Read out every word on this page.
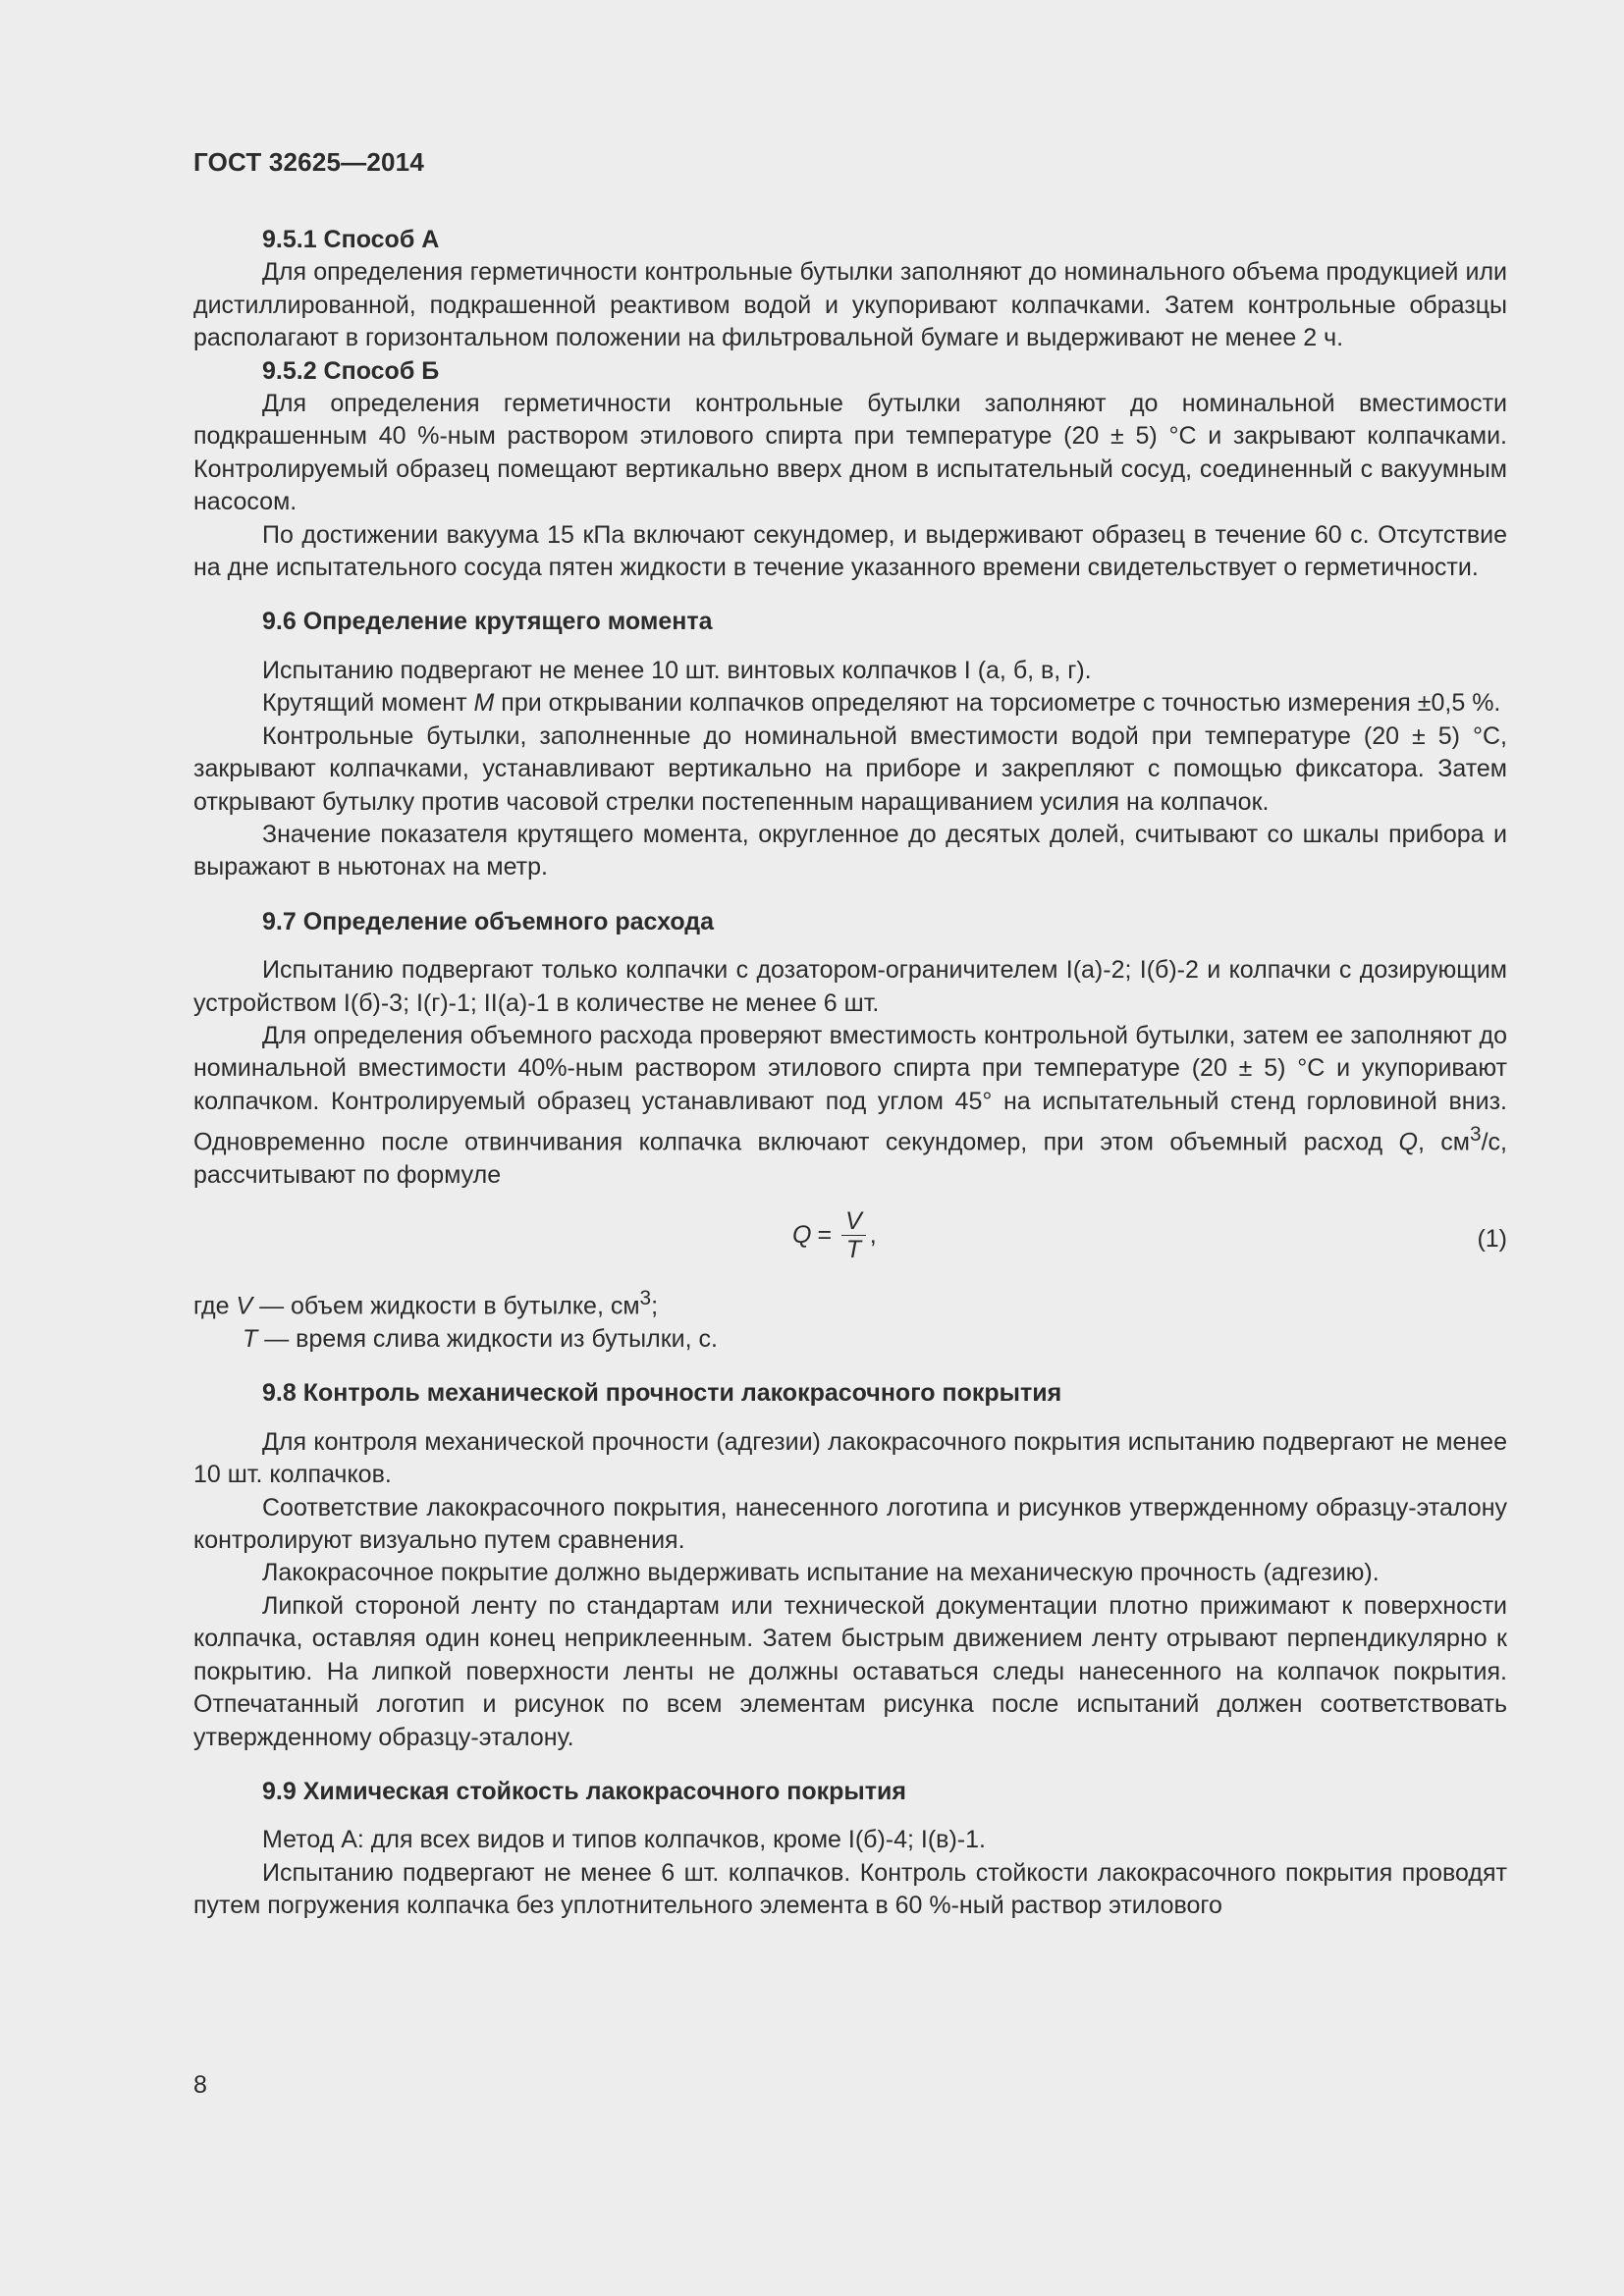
ГОСТ 32625—2014

9.5.1 Способ А

Для определения герметичности контрольные бутылки заполняют до номинального объема продукцией или дистиллированной, подкрашенной реактивом водой и укупоривают колпачками. Затем контрольные образцы располагают в горизонтальном положении на фильтровальной бумаге и выдерживают не менее 2 ч.

9.5.2 Способ Б

Для определения герметичности контрольные бутылки заполняют до номинальной вместимости подкрашенным 40 %-ным раствором этилового спирта при температуре (20 ± 5) °С и закрывают колпачками. Контролируемый образец помещают вертикально вверх дном в испытательный сосуд, соединенный с вакуумным насосом.

По достижении вакуума 15 кПа включают секундомер, и выдерживают образец в течение 60 с. Отсутствие на дне испытательного сосуда пятен жидкости в течение указанного времени свидетельствует о герметичности.

9.6 Определение крутящего момента

Испытанию подвергают не менее 10 шт. винтовых колпачков I (а, б, в, г).

Крутящий момент М при открывании колпачков определяют на торсиометре с точностью измерения ±0,5 %.

Контрольные бутылки, заполненные до номинальной вместимости водой при температуре (20 ± 5) °С, закрывают колпачками, устанавливают вертикально на приборе и закрепляют с помощью фиксатора. Затем открывают бутылку против часовой стрелки постепенным наращиванием усилия на колпачок.

Значение показателя крутящего момента, округленное до десятых долей, считывают со шкалы прибора и выражают в ньютонах на метр.

9.7 Определение объемного расхода

Испытанию подвергают только колпачки с дозатором-ограничителем I(а)-2; I(б)-2 и колпачки с дозирующим устройством I(б)-3; I(г)-1; II(а)-1 в количестве не менее 6 шт.

Для определения объемного расхода проверяют вместимость контрольной бутылки, затем ее заполняют до номинальной вместимости 40%-ным раствором этилового спирта при температуре (20 ± 5) °С и укупоривают колпачком. Контролируемый образец устанавливают под углом 45° на испытательный стенд горловиной вниз. Одновременно после отвинчивания колпачка включают секундомер, при этом объемный расход Q, $см^3/с$, рассчитывают по формуле

$Q = \frac{V}{T}$ ,	(1)

где V — объем жидкости в бутылке, $см^3$;

Т — время слива жидкости из бутылки, с.

9.8 Контроль механической прочности лакокрасочного покрытия

Для контроля механической прочности (адгезии) лакокрасочного покрытия испытанию подвергают не менее 10 шт. колпачков.

Соответствие лакокрасочного покрытия, нанесенного логотипа и рисунков утвержденному образцу-эталону контролируют визуально путем сравнения.

Лакокрасочное покрытие должно выдерживать испытание на механическую прочность (адгезию).

Липкой стороной ленту по стандартам или технической документации плотно прижимают к поверхности колпачка, оставляя один конец неприклеенным. Затем быстрым движением ленту отрывают перпендикулярно к покрытию. На липкой поверхности ленты не должны оставаться следы нанесенного на колпачок покрытия. Отпечатанный логотип и рисунок по всем элементам рисунка после испытаний должен соответствовать утвержденному образцу-эталону.

9.9 Химическая стойкость лакокрасочного покрытия

Метод А: для всех видов и типов колпачков, кроме I(б)-4; I(в)-1.

Испытанию подвергают не менее 6 шт. колпачков. Контроль стойкости лакокрасочного покрытия проводят путем погружения колпачка без уплотнительного элемента в 60 %-ный раствор этилового

8
